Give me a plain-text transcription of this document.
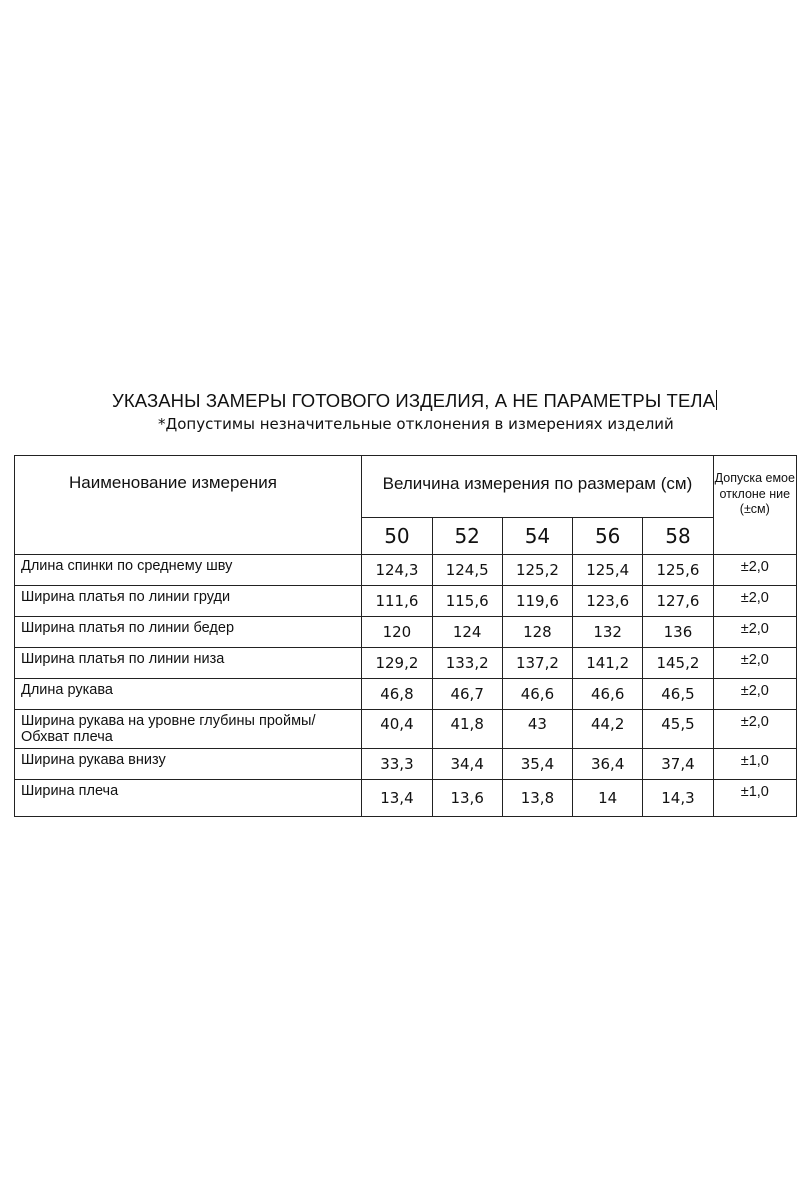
УКАЗАНЫ ЗАМЕРЫ ГОТОВОГО ИЗДЕЛИЯ, А НЕ ПАРАМЕТРЫ ТЕЛА
*Допустимы незначительные отклонения в измерениях изделий
Наименование измерения	Величина измерения по размерам (см)					Допуска емое отклоне ние (±см)

	50	52	54	56	58	

Длина спинки по среднему шву	124,3	124,5	125,2	125,4	125,6	±2,0

Ширина платья по линии груди	111,6	115,6	119,6	123,6	127,6	±2,0

Ширина платья по линии бедер	120	124	128	132	136	±2,0

Ширина платья по линии низа	129,2	133,2	137,2	141,2	145,2	±2,0

Длина рукава	46,8	46,7	46,6	46,6	46,5	±2,0

Ширина рукава на уровне глубины проймы/Обхват плеча	40,4	41,8	43	44,2	45,5	±2,0

Ширина рукава внизу	33,3	34,4	35,4	36,4	37,4	±1,0

Ширина плеча	13,4	13,6	13,8	14	14,3	±1,0
